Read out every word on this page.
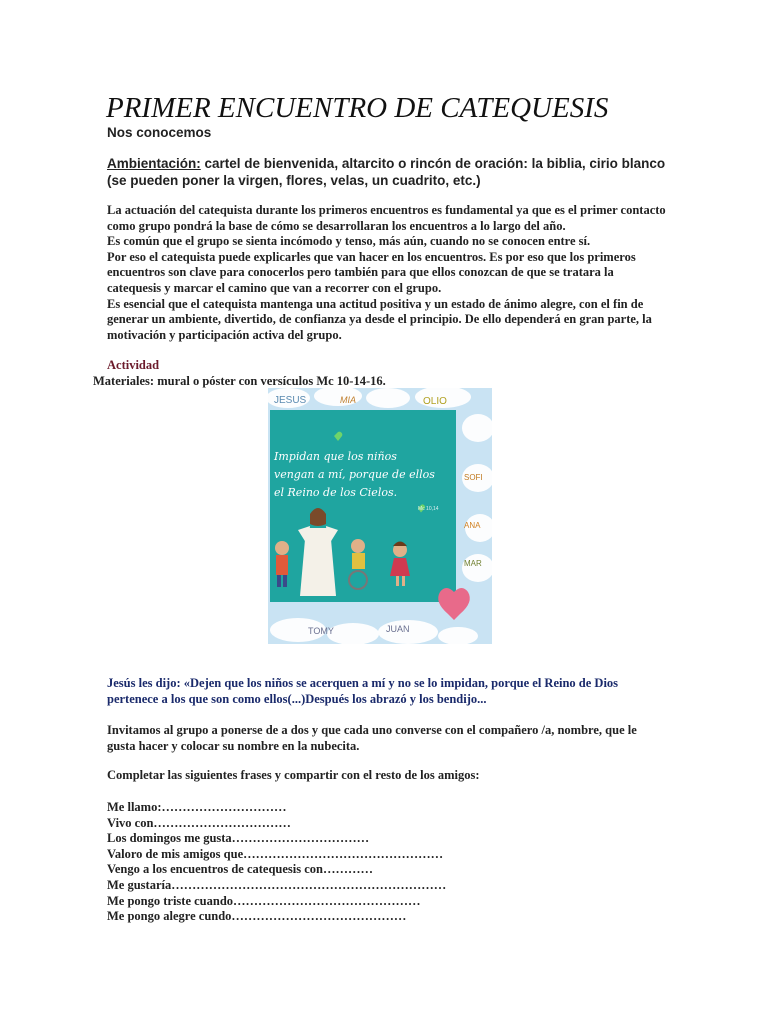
PRIMER ENCUENTRO DE CATEQUESIS
Nos conocemos
Ambientación: cartel de bienvenida, altarcito o rincón de oración: la biblia, cirio blanco (se pueden poner la virgen, flores, velas, un cuadrito, etc.)

La actuación del catequista durante los primeros encuentros es fundamental ya que es el primer contacto como grupo pondrá la base de cómo se desarrollaran los encuentros a lo largo del año.

Es común que el grupo se sienta incómodo y tenso, más aún, cuando no se conocen entre sí.

Por eso el catequista puede explicarles que van hacer en los encuentros. Es por eso que los primeros encuentros son clave para conocerlos pero también para que ellos conozcan de que se tratara la catequesis y marcar el camino que van a recorrer con el grupo.

Es esencial que el catequista mantenga una actitud positiva y un estado de ánimo alegre, con el fin de generar un ambiente, divertido, de confianza ya desde el principio. De ello dependerá en gran parte, la motivación y participación activa del grupo.

Actividad
Materiales: mural o póster con versículos Mc 10-14-16.
JESUS	MIA	OLIO
SOFI
ANA
MAR
TOMY	JUAN
Impidan que los niños
vengan a mí, porque de ellos
el Reino de los Cielos.
Mc 10,14
Jesús les dijo: «Dejen que los niños se acerquen a mí y no se lo impidan, porque el Reino de Dios pertenece a los que son como ellos(...)Después los abrazó y los bendijo...
Invitamos al grupo a ponerse de a dos y que cada uno converse con el compañero /a, nombre, que le gusta hacer y colocar su nombre en la nubecita.
Completar las siguientes frases y compartir con el resto de los amigos:
Me llamo:…………………………
Vivo con……………………………
Los domingos me gusta……………………………
Valoro de mis amigos que…………………………………………
Vengo a los encuentros de catequesis con…………
Me gustaría…………………………………………………………
Me pongo triste cuando………………………………………
Me pongo alegre cundo……………………………………
